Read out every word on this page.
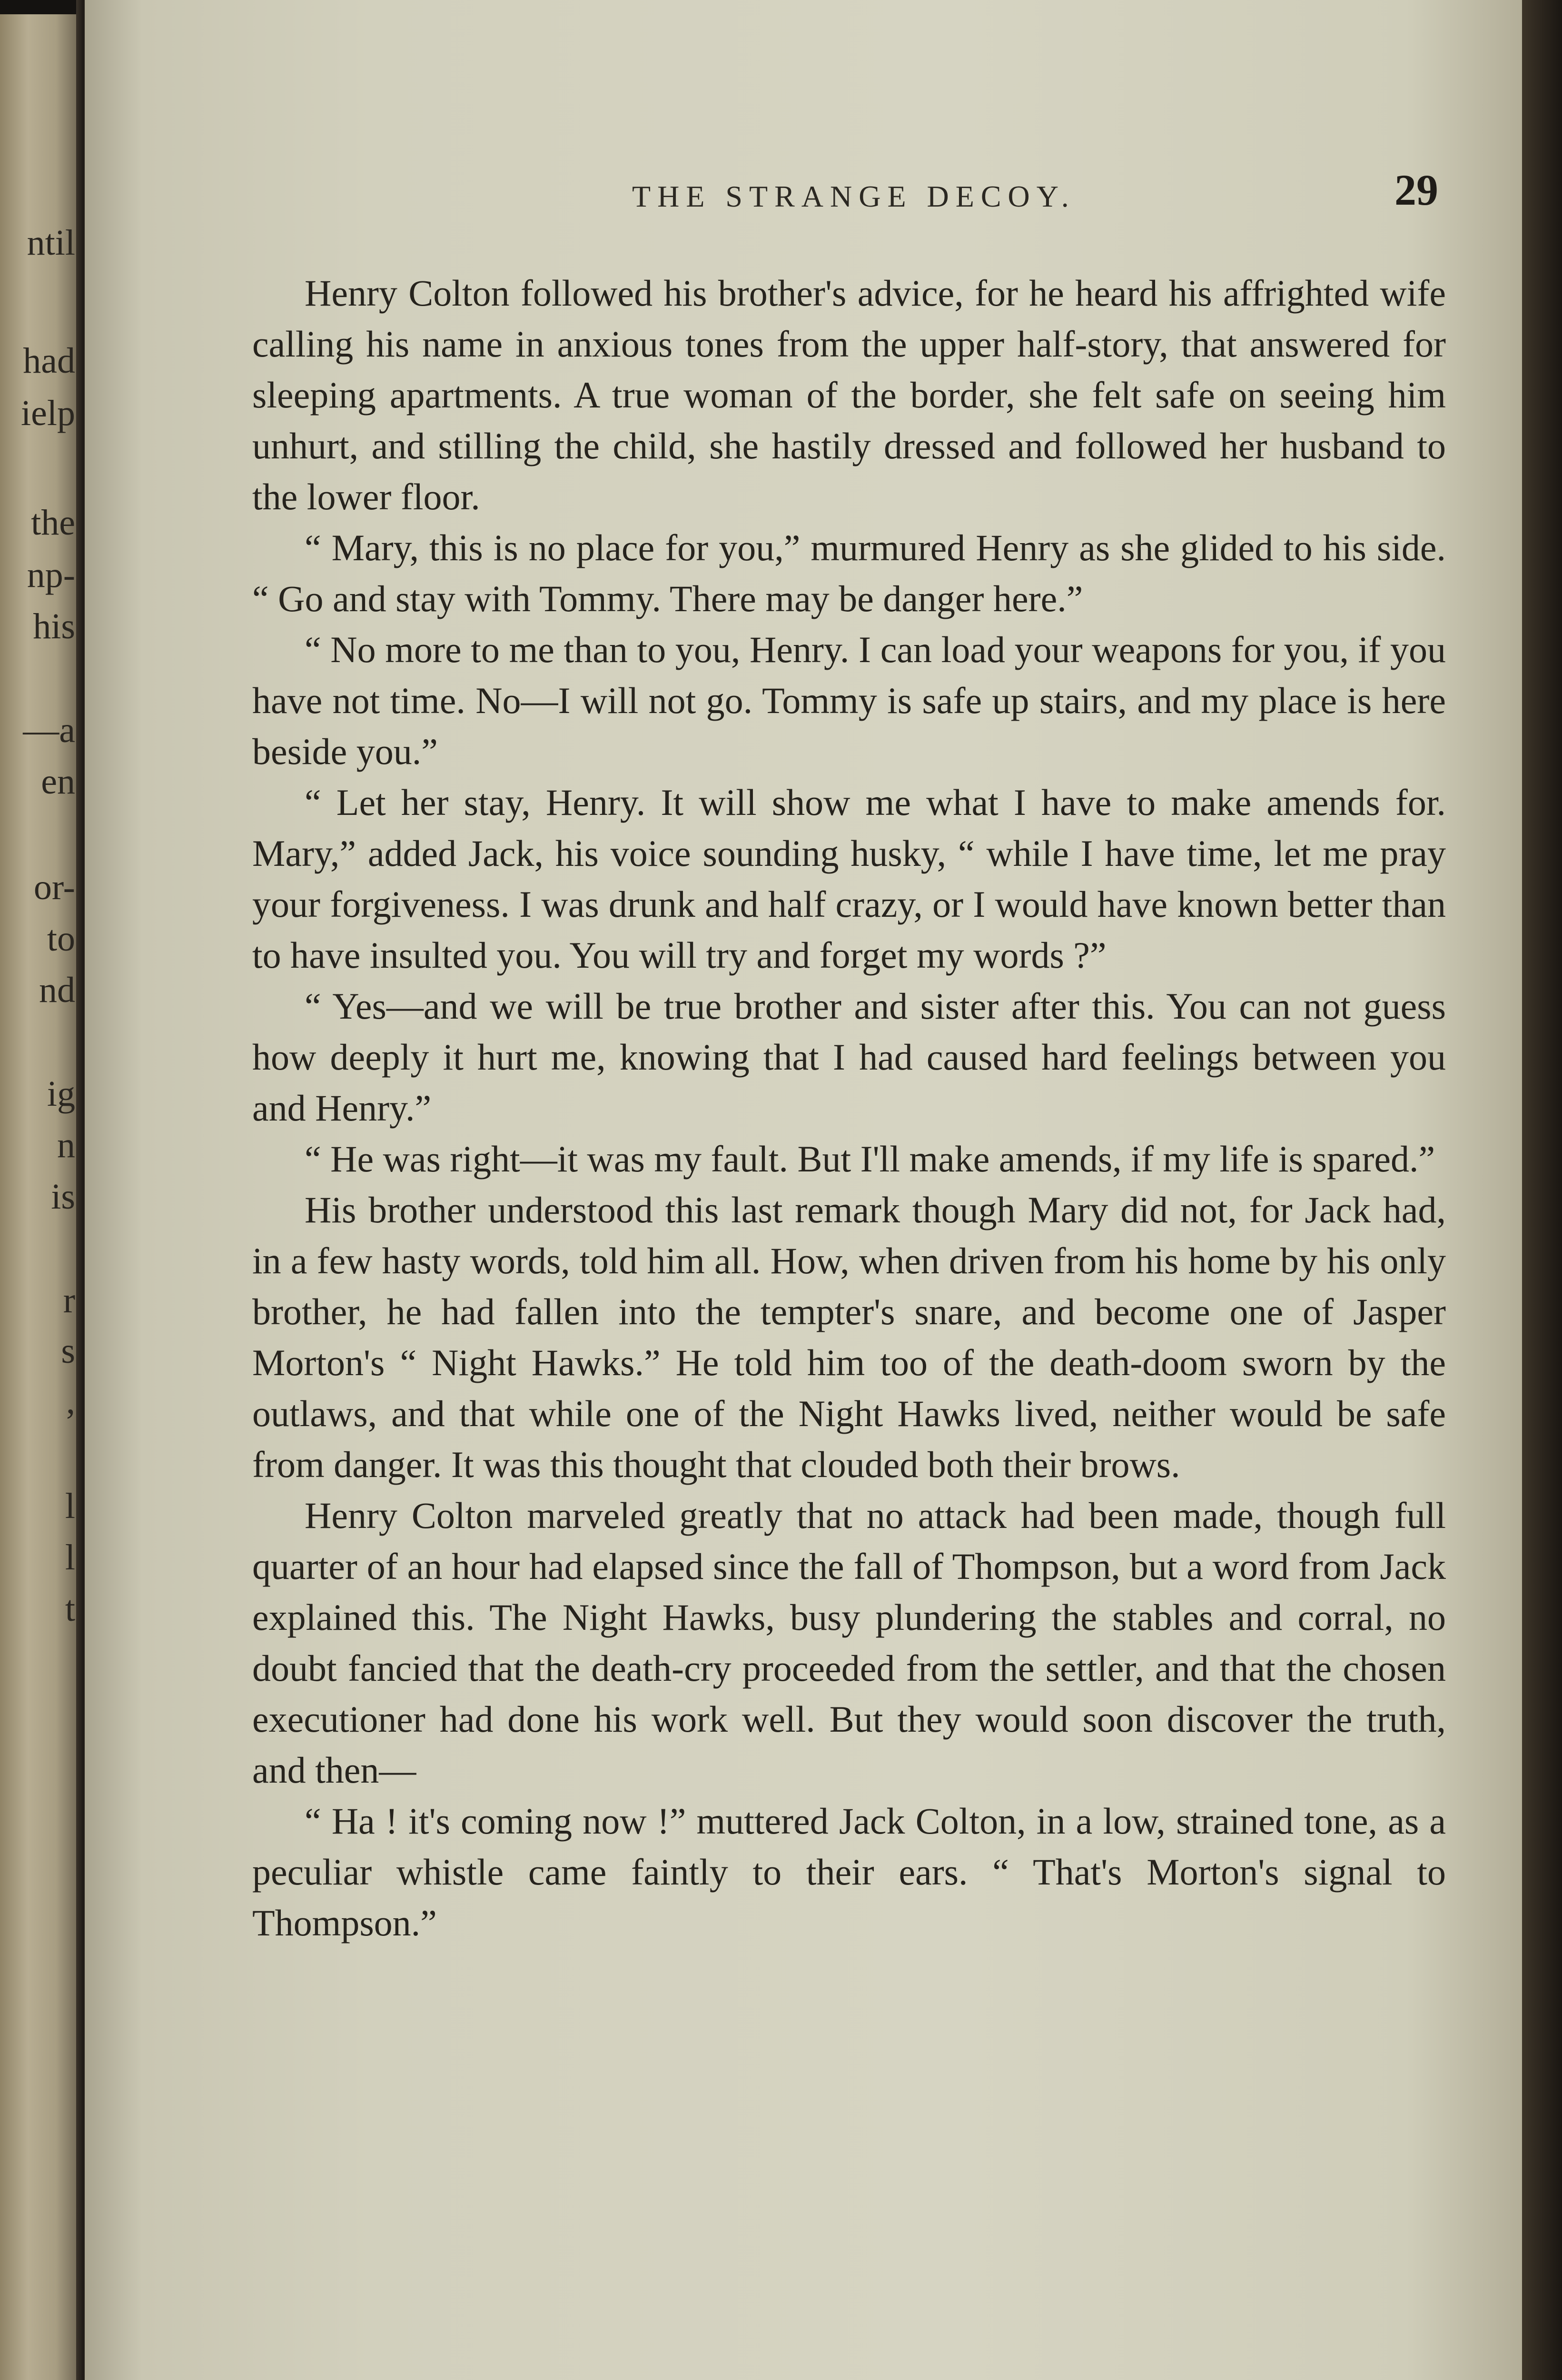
ntil
had
ielp
the
np-
his
—a
en
or-
to
nd
ig
n
is
r
s
,
l
l
t
THE STRANGE DECOY.	29

Henry Colton followed his brother's advice, for he heard his affrighted wife calling his name in anxious tones from the upper half-story, that answered for sleeping apartments. A true woman of the border, she felt safe on seeing him unhurt, and stilling the child, she hastily dressed and followed her husband to the lower floor.

“ Mary, this is no place for you,” murmured Henry as she glided to his side. “ Go and stay with Tommy. There may be danger here.”

“ No more to me than to you, Henry. I can load your weapons for you, if you have not time. No—I will not go. Tommy is safe up stairs, and my place is here beside you.”

“ Let her stay, Henry. It will show me what I have to make amends for. Mary,” added Jack, his voice sounding husky, “ while I have time, let me pray your forgiveness. I was drunk and half crazy, or I would have known better than to have insulted you. You will try and forget my words ?”

“ Yes—and we will be true brother and sister after this. You can not guess how deeply it hurt me, knowing that I had caused hard feelings between you and Henry.”

“ He was right—it was my fault. But I'll make amends, if my life is spared.”

His brother understood this last remark though Mary did not, for Jack had, in a few hasty words, told him all. How, when driven from his home by his only brother, he had fallen into the tempter's snare, and become one of Jasper Morton's “ Night Hawks.” He told him too of the death-doom sworn by the outlaws, and that while one of the Night Hawks lived, neither would be safe from danger. It was this thought that clouded both their brows.

Henry Colton marveled greatly that no attack had been made, though full quarter of an hour had elapsed since the fall of Thompson, but a word from Jack explained this. The Night Hawks, busy plundering the stables and corral, no doubt fancied that the death-cry proceeded from the settler, and that the chosen executioner had done his work well. But they would soon discover the truth, and then—

“ Ha ! it's coming now !” muttered Jack Colton, in a low, strained tone, as a peculiar whistle came faintly to their ears. “ That's Morton's signal to Thompson.”
